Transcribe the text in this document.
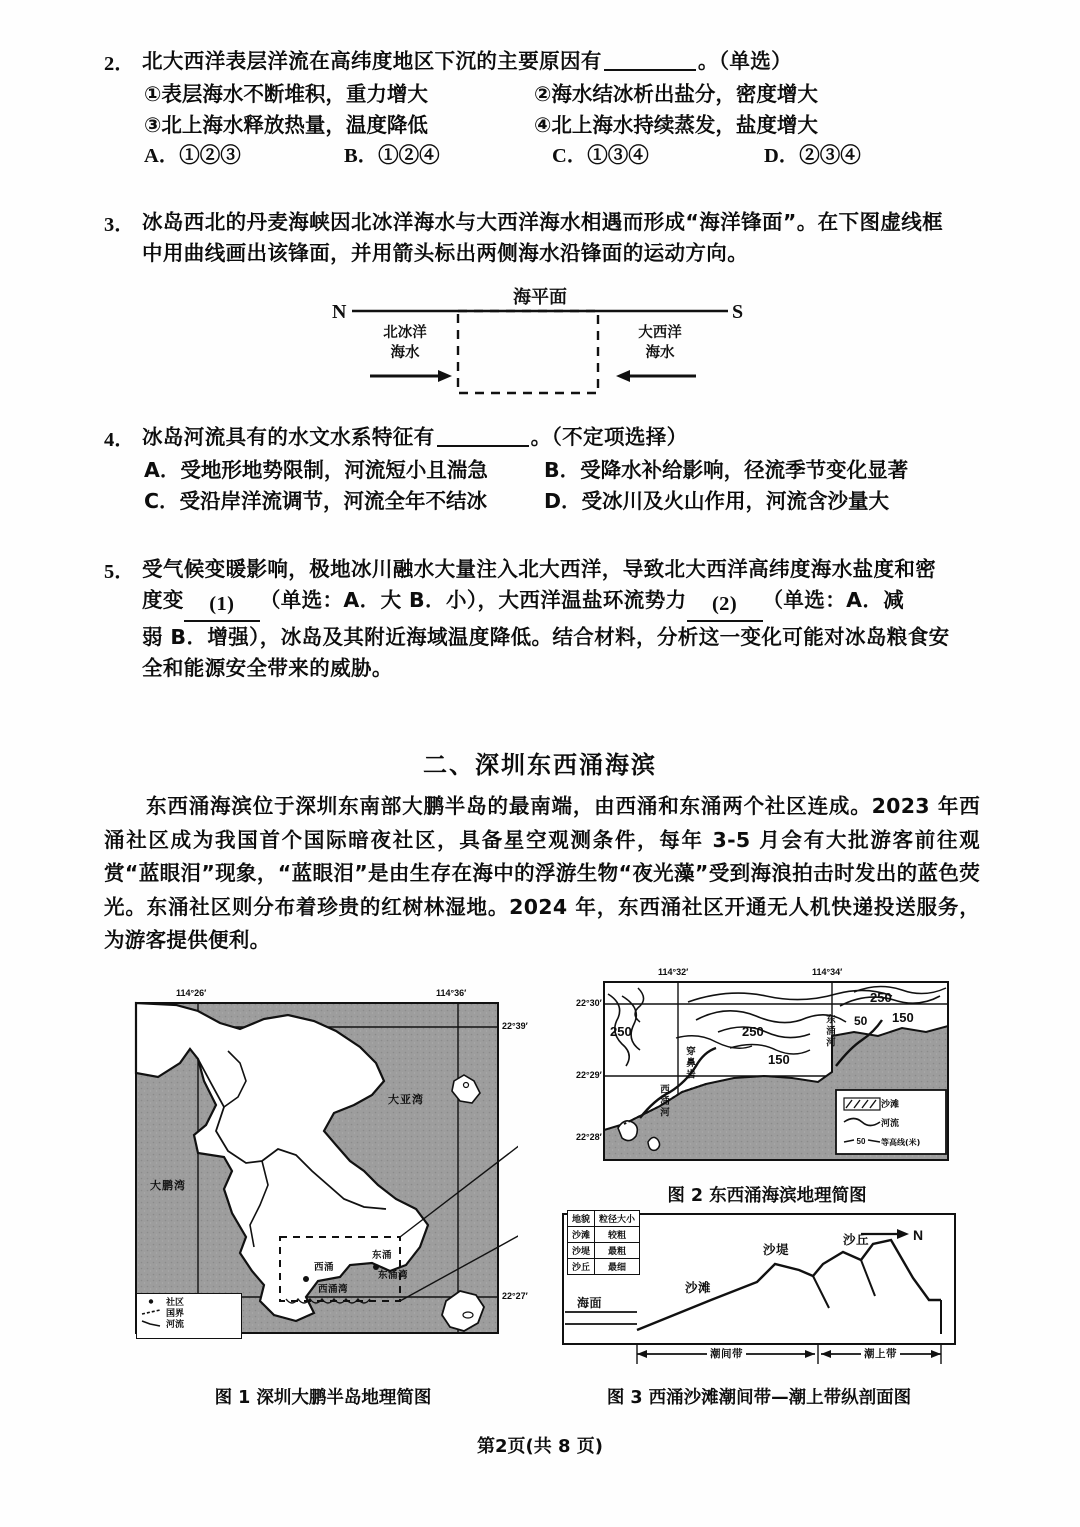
2． 北大西洋表层洋流在高纬度地区下沉的主要原因有	。（单选）
①表层海水不断堆积，重力增大	②海水结冰析出盐分，密度增大
③北上海水释放热量，温度降低	④北上海水持续蒸发，盐度增大
A．①②③	B．①②④	C．①③④	D．②③④
3． 冰岛西北的丹麦海峡因北冰洋海水与大西洋海水相遇而形成“海洋锋面”。在下图虚线框
中用曲线画出该锋面，并用箭头标出两侧海水沿锋面的运动方向。
N	S
海平面
北冰洋
海水
大西洋
海水
4． 冰岛河流具有的水文水系特征有	。（不定项选择）
A．受地形地势限制，河流短小且湍急	B．受降水补给影响，径流季节变化显著
C．受沿岸洋流调节，河流全年不结冰	D．受冰川及火山作用，河流含沙量大
5． 受气候变暖影响，极地冰川融水大量注入北大西洋，导致北大西洋高纬度海水盐度和密
度变 (1) （单选：A．大 B．小），大西洋温盐环流势力 (2) （单选：A．减
弱 B．增强），冰岛及其附近海域温度降低。结合材料，分析这一变化可能对冰岛粮食安
全和能源安全带来的威胁。
二、深圳东西涌海滨
东西涌海滨位于深圳东南部大鹏半岛的最南端，由西涌和东涌两个社区连成。2023 年西涌社区成为我国首个国际暗夜社区，具备星空观测条件，每年 3-5 月会有大批游客前往观赏“蓝眼泪”现象，“蓝眼泪”是由生存在海中的浮游生物“夜光藻”受到海浪拍击时发出的蓝色荧光。东涌社区则分布着珍贵的红树林湿地。2024 年，东西涌社区开通无人机快递投送服务，为游客提供便利。
114°26′	114°36′
22°39′
22°27′
大亚湾
大鹏湾
西涌
东涌
西涌湾
东涌湾
社区
国界
河流
图 1 深圳大鹏半岛地理简图
50
114°32′	114°34′
22°30′
22°29′
22°28′
250	250
150
150
250
50
东涌河
西涌河
穿鼻岩
沙滩
河流
等高线(米)
图 2 东西涌海滨地理简图
N
海面
沙滩
沙堤
沙丘
潮间带	潮上带
地貌	粒径大小
沙滩	较粗
沙堤	最粗
沙丘	最细
图 3 西涌沙滩潮间带—潮上带纵剖面图
第2页(共 8 页)
